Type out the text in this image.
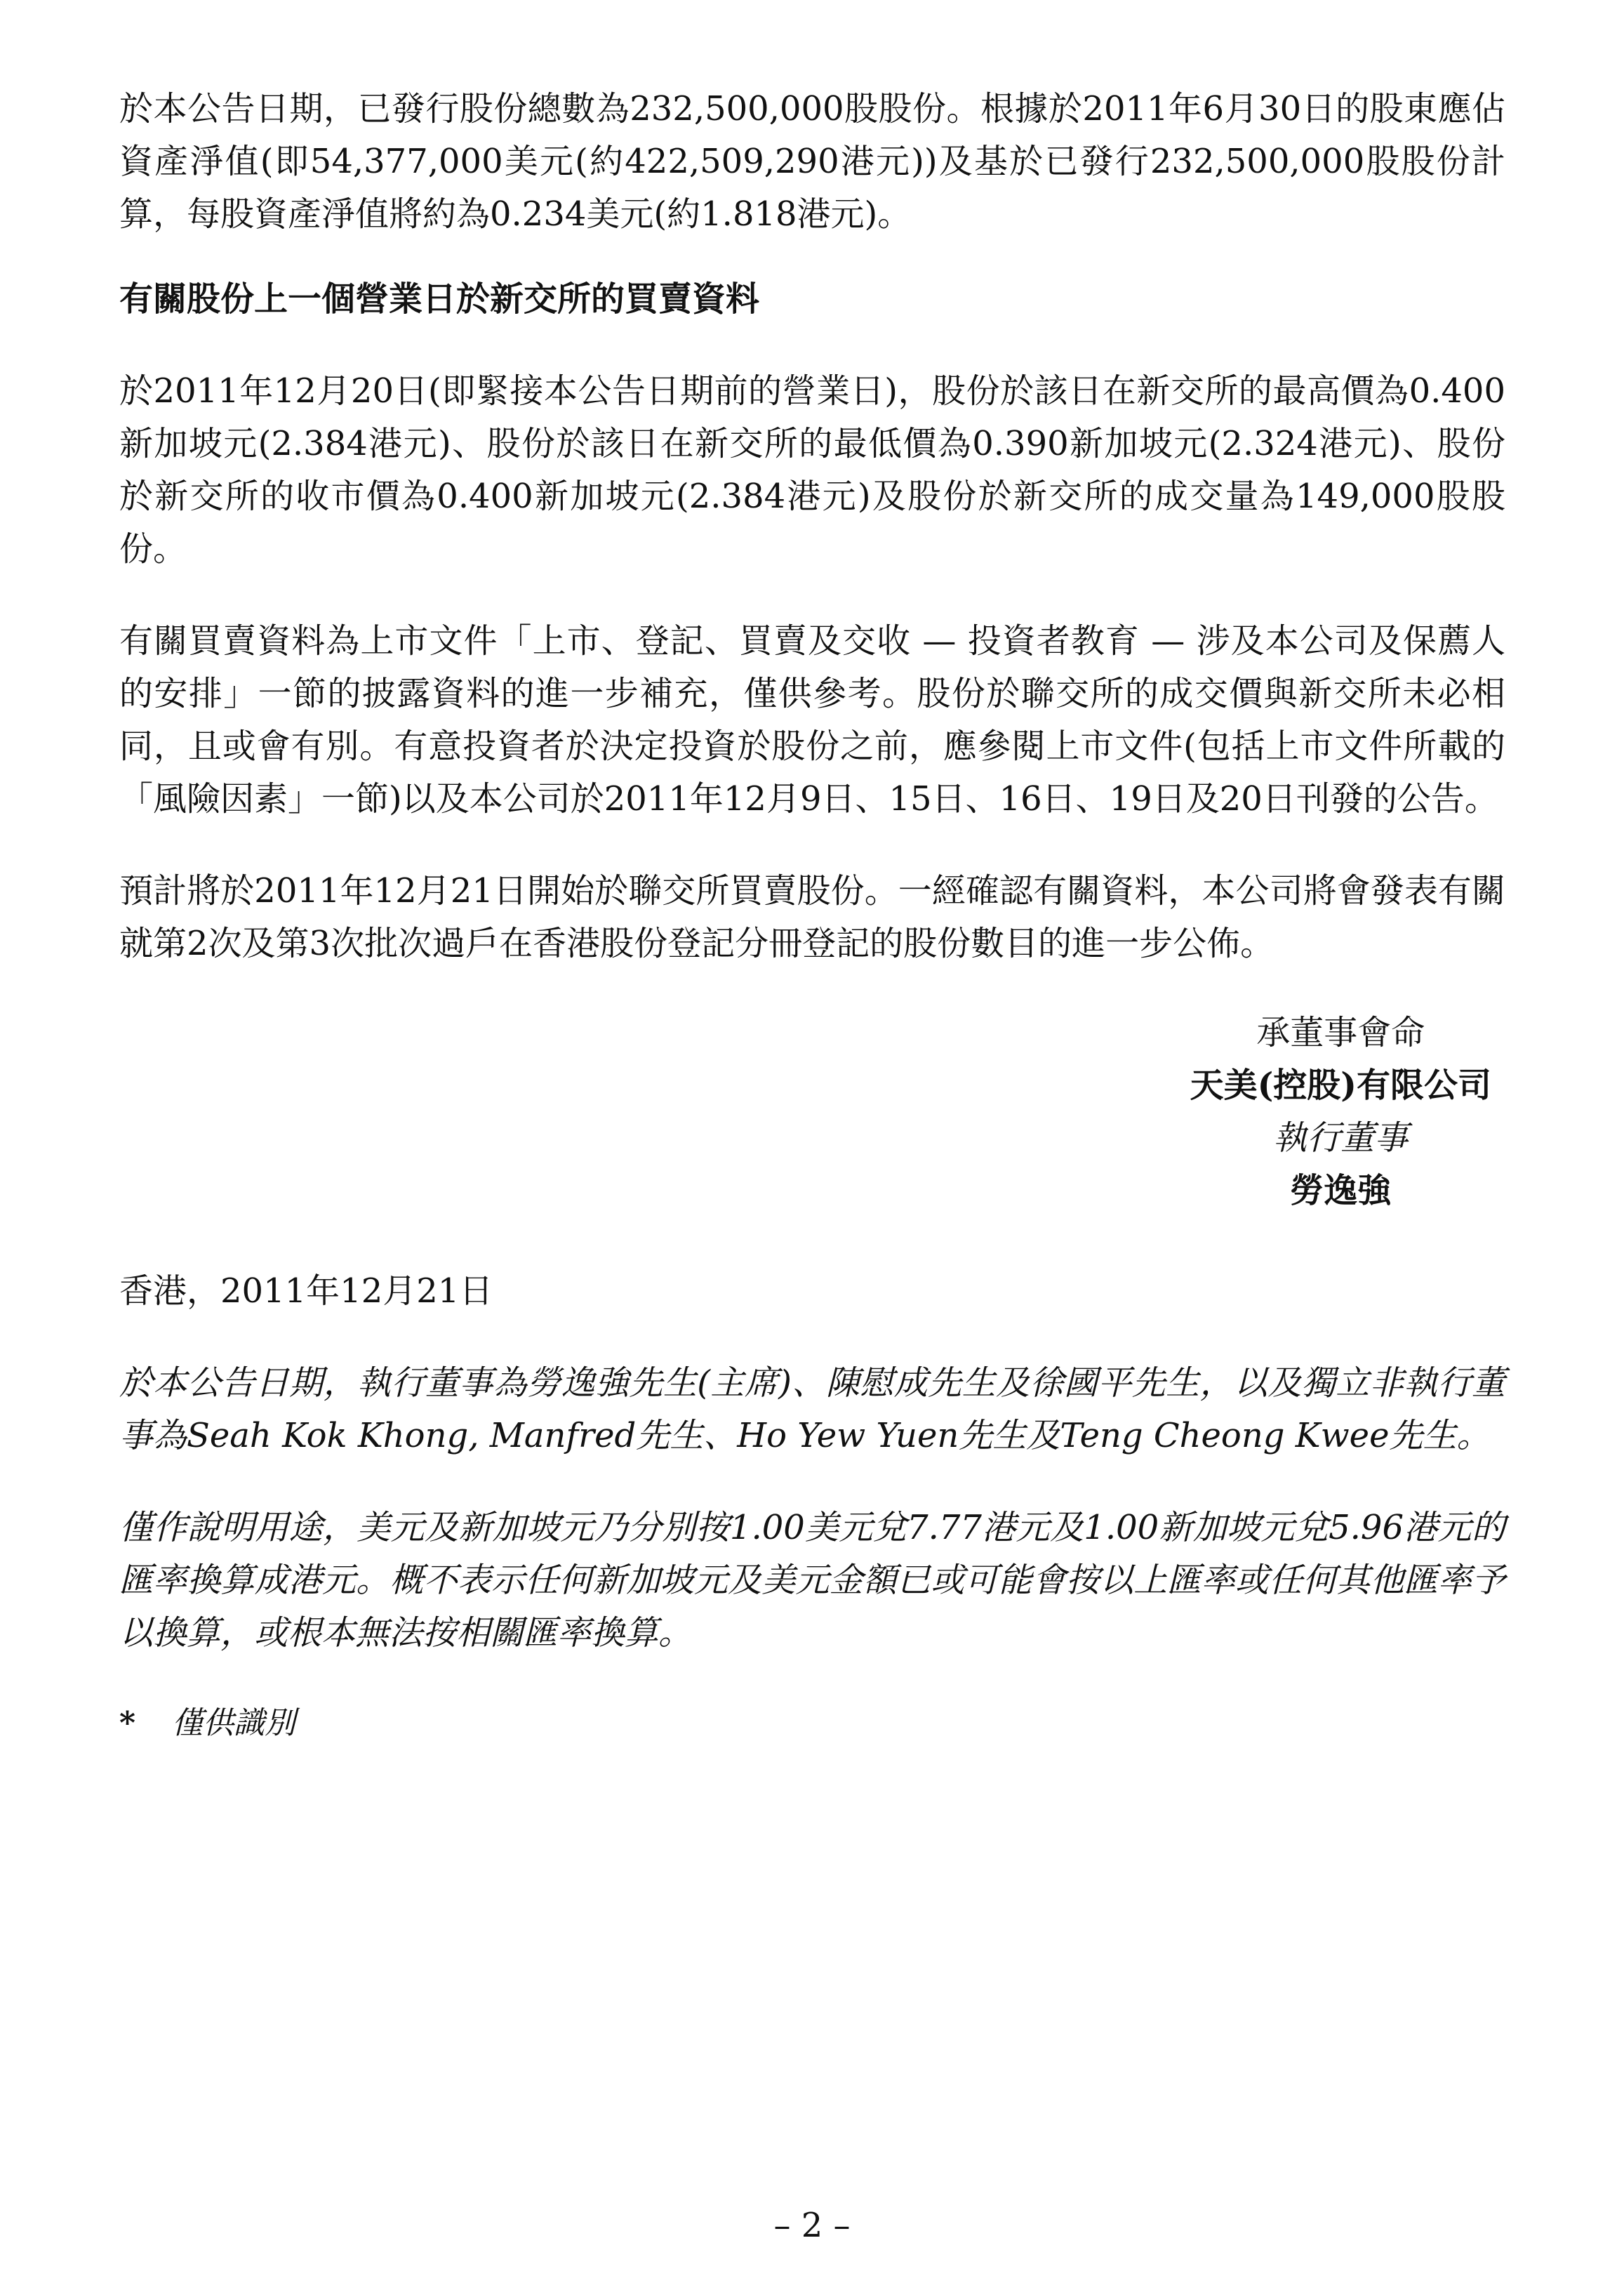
於本公告日期，已發行股份總數為232,500,000股股份。根據於2011年6月30日的股東應佔資產淨值(即54,377,000美元(約422,509,290港元))及基於已發行232,500,000股股份計算，每股資產淨值將約為0.234美元(約1.818港元)。

有關股份上一個營業日於新交所的買賣資料

於2011年12月20日(即緊接本公告日期前的營業日)，股份於該日在新交所的最高價為0.400新加坡元(2.384港元)、股份於該日在新交所的最低價為0.390新加坡元(2.324港元)、股份於新交所的收市價為0.400新加坡元(2.384港元)及股份於新交所的成交量為149,000股股份。

有關買賣資料為上市文件「上市、登記、買賣及交收 — 投資者教育 — 涉及本公司及保薦人的安排」一節的披露資料的進一步補充，僅供參考。股份於聯交所的成交價與新交所未必相同，且或會有別。有意投資者於決定投資於股份之前，應參閱上市文件(包括上市文件所載的「風險因素」一節)以及本公司於2011年12月9日、15日、16日、19日及20日刊發的公告。

預計將於2011年12月21日開始於聯交所買賣股份。一經確認有關資料，本公司將會發表有關就第2次及第3次批次過戶在香港股份登記分冊登記的股份數目的進一步公佈。

承董事會命
天美(控股)有限公司
執行董事
勞逸強

香港，2011年12月21日

於本公告日期，執行董事為勞逸強先生(主席)、陳慰成先生及徐國平先生，以及獨立非執行董事為Seah Kok Khong, Manfred先生、Ho Yew Yuen先生及Teng Cheong Kwee先生。

僅作說明用途，美元及新加坡元乃分別按1.00美元兌7.77港元及1.00新加坡元兌5.96港元的匯率換算成港元。概不表示任何新加坡元及美元金額已或可能會按以上匯率或任何其他匯率予以換算，或根本無法按相關匯率換算。

* 僅供識別
– 2 –
